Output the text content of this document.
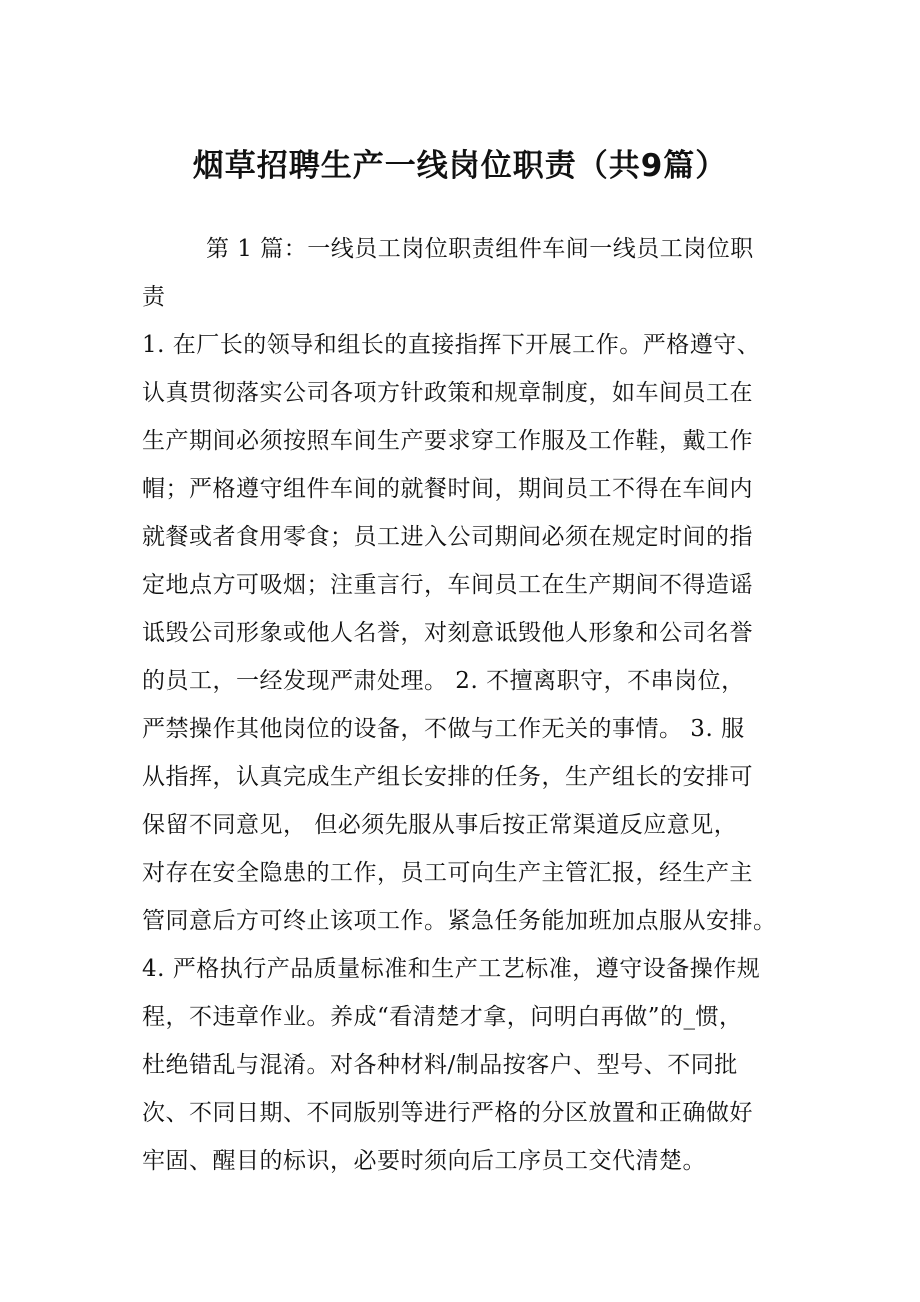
烟草招聘生产一线岗位职责（共9篇）
第 1 篇：一线员工岗位职责组件车间一线员工岗位职
责
1. 在厂长的领导和组长的直接指挥下开展工作。严格遵守、
认真贯彻落实公司各项方针政策和规章制度，如车间员工在
生产期间必须按照车间生产要求穿工作服及工作鞋，戴工作
帽；严格遵守组件车间的就餐时间，期间员工不得在车间内
就餐或者食用零食；员工进入公司期间必须在规定时间的指
定地点方可吸烟；注重言行，车间员工在生产期间不得造谣
诋毁公司形象或他人名誉，对刻意诋毁他人形象和公司名誉
的员工，一经发现严肃处理。 2. 不擅离职守，不串岗位，
严禁操作其他岗位的设备，不做与工作无关的事情。 3. 服
从指挥，认真完成生产组长安排的任务，生产组长的安排可
保留不同意见， 但必须先服从事后按正常渠道反应意见，
对存在安全隐患的工作，员工可向生产主管汇报，经生产主
管同意后方可终止该项工作。紧急任务能加班加点服从安排。
4. 严格执行产品质量标准和生产工艺标准，遵守设备操作规
程，不违章作业。养成“看清楚才拿，问明白再做”的_惯，
杜绝错乱与混淆。对各种材料/制品按客户、型号、不同批
次、不同日期、不同版别等进行严格的分区放置和正确做好
牢固、醒目的标识，必要时须向后工序员工交代清楚。
